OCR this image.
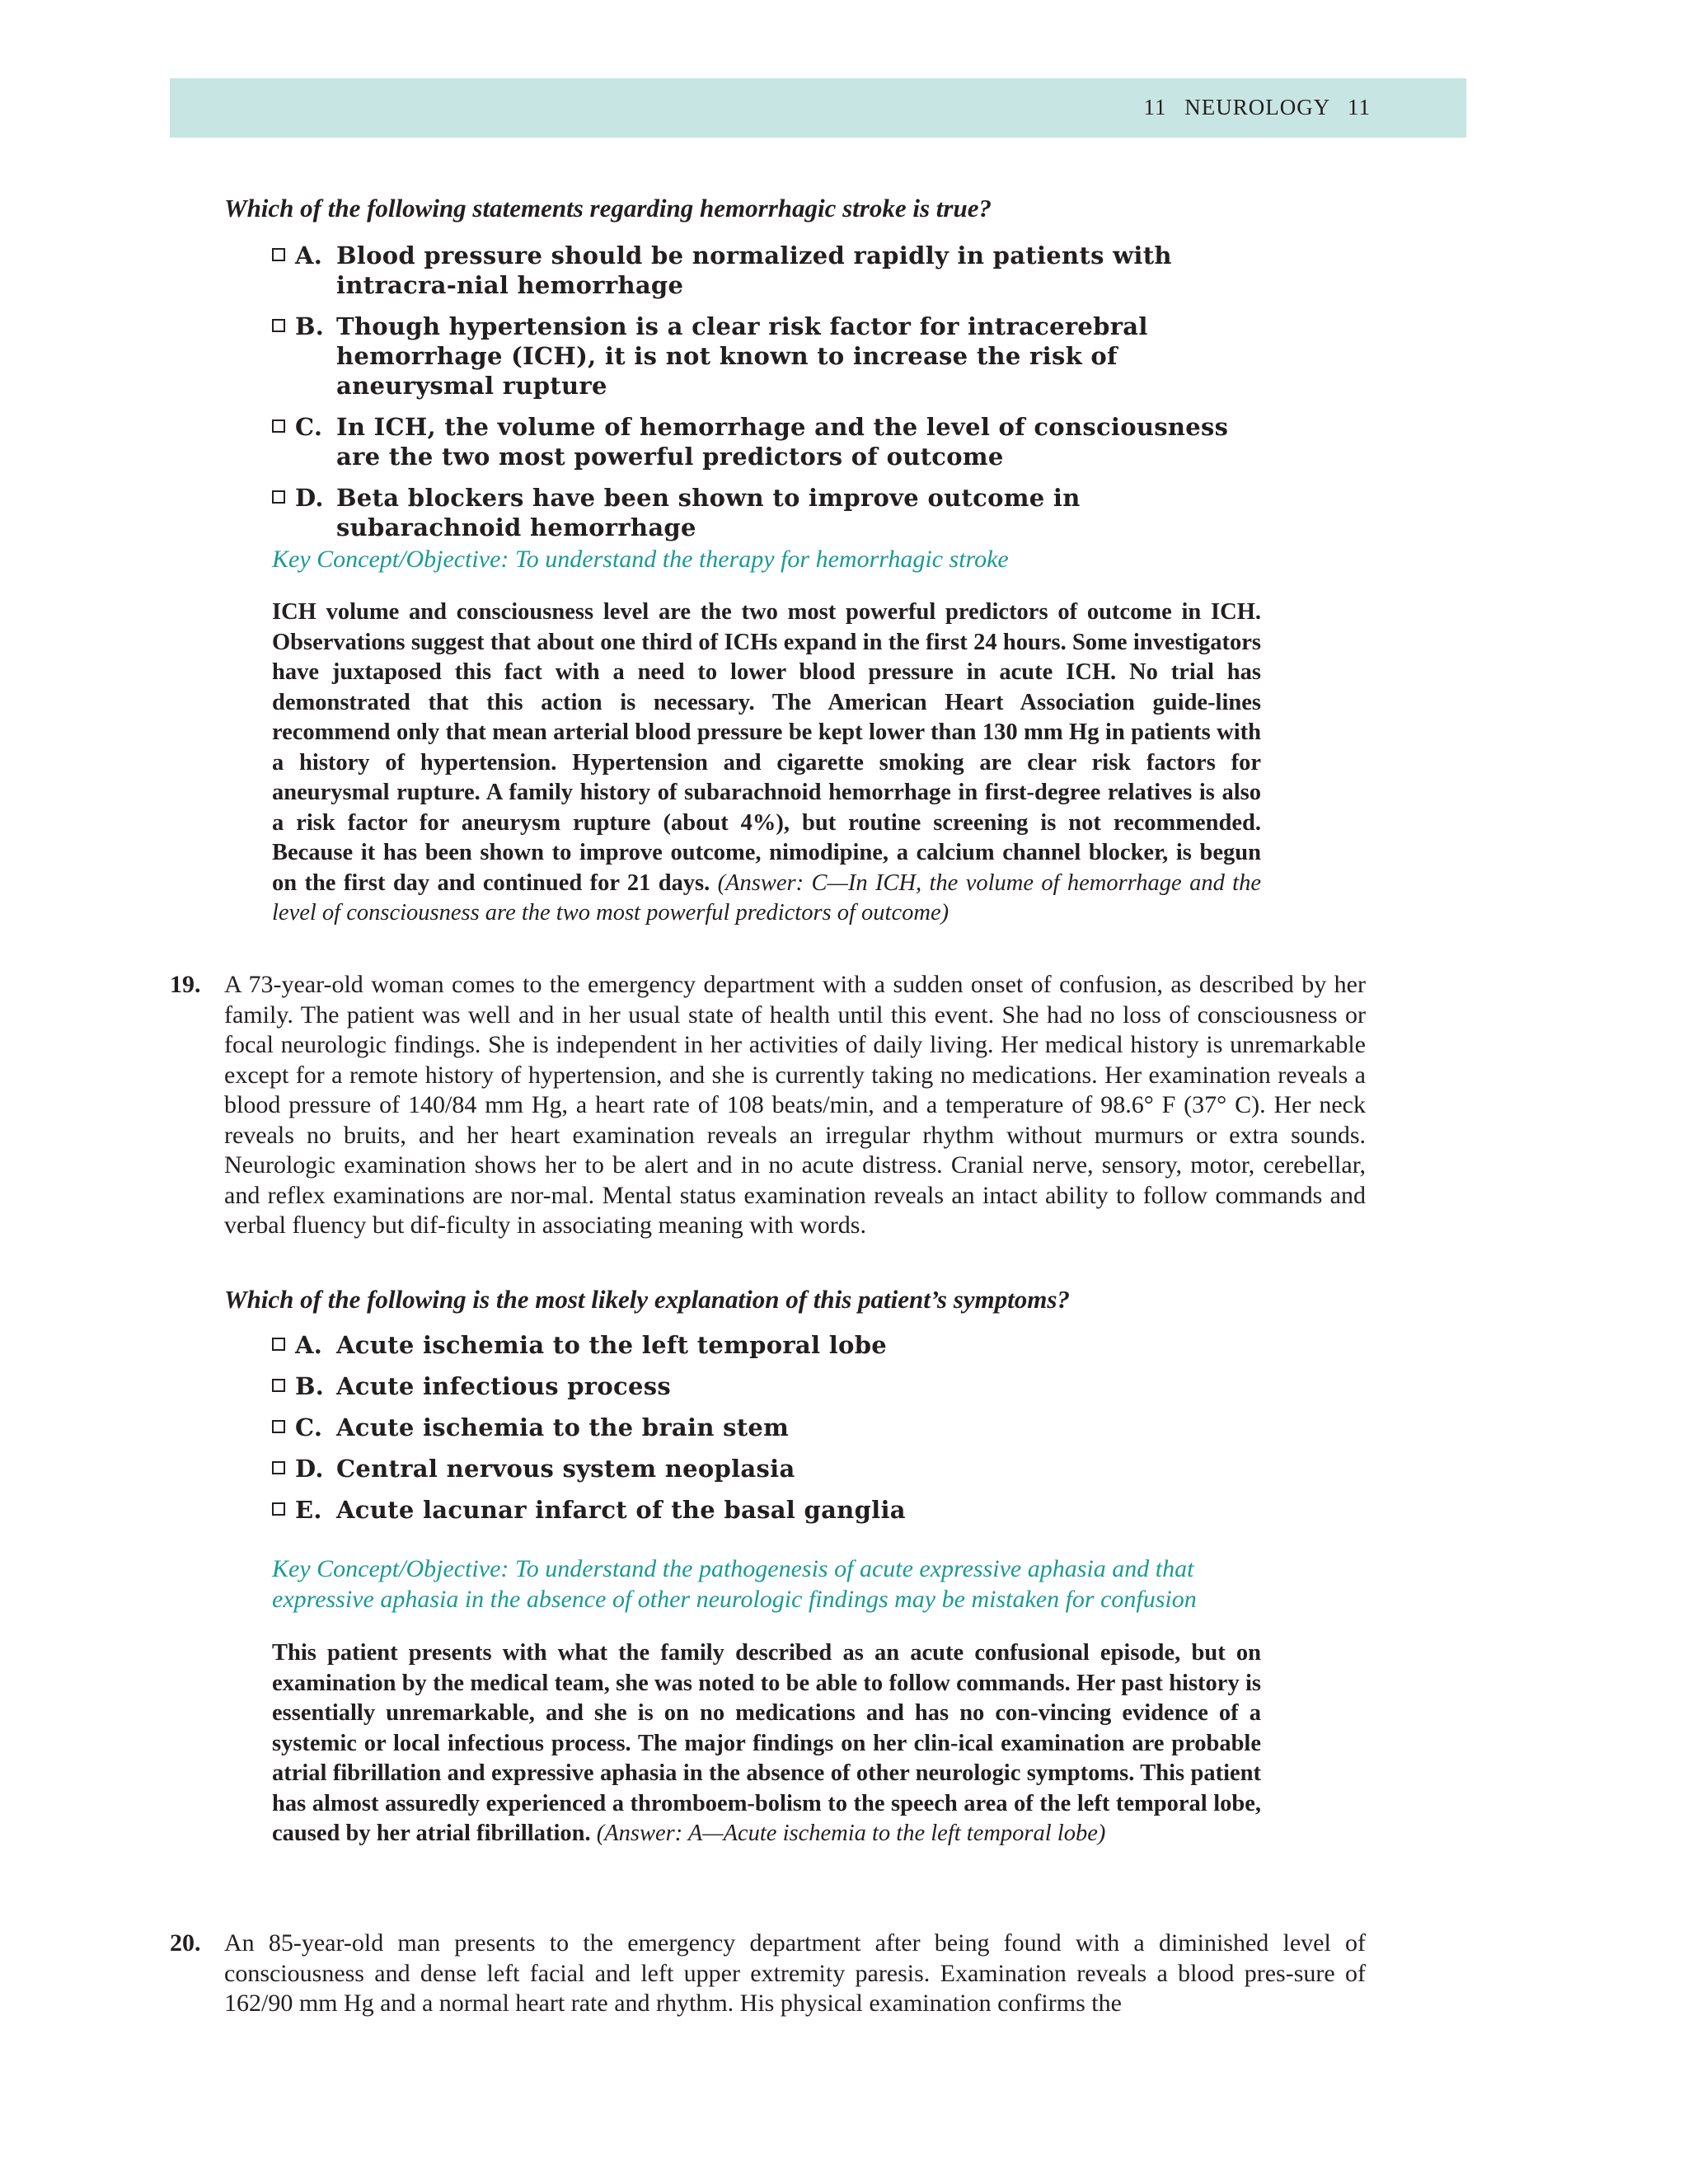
11 NEUROLOGY 11
Which of the following statements regarding hemorrhagic stroke is true?
A. Blood pressure should be normalized rapidly in patients with intracra-nial hemorrhage
B. Though hypertension is a clear risk factor for intracerebral hemorrhage (ICH), it is not known to increase the risk of aneurysmal rupture
C. In ICH, the volume of hemorrhage and the level of consciousness are the two most powerful predictors of outcome
D. Beta blockers have been shown to improve outcome in subarachnoid hemorrhage
Key Concept/Objective: To understand the therapy for hemorrhagic stroke
ICH volume and consciousness level are the two most powerful predictors of outcome in ICH. Observations suggest that about one third of ICHs expand in the first 24 hours. Some investigators have juxtaposed this fact with a need to lower blood pressure in acute ICH. No trial has demonstrated that this action is necessary. The American Heart Association guide-lines recommend only that mean arterial blood pressure be kept lower than 130 mm Hg in patients with a history of hypertension. Hypertension and cigarette smoking are clear risk factors for aneurysmal rupture. A family history of subarachnoid hemorrhage in first-degree relatives is also a risk factor for aneurysm rupture (about 4%), but routine screening is not recommended. Because it has been shown to improve outcome, nimodipine, a calcium channel blocker, is begun on the first day and continued for 21 days. (Answer: C—In ICH, the volume of hemorrhage and the level of consciousness are the two most powerful predictors of outcome)
19. A 73-year-old woman comes to the emergency department with a sudden onset of confusion, as described by her family. The patient was well and in her usual state of health until this event. She had no loss of consciousness or focal neurologic findings. She is independent in her activities of daily living. Her medical history is unremarkable except for a remote history of hypertension, and she is currently taking no medications. Her examination reveals a blood pressure of 140/84 mm Hg, a heart rate of 108 beats/min, and a temperature of 98.6° F (37° C). Her neck reveals no bruits, and her heart examination reveals an irregular rhythm without murmurs or extra sounds. Neurologic examination shows her to be alert and in no acute distress. Cranial nerve, sensory, motor, cerebellar, and reflex examinations are nor-mal. Mental status examination reveals an intact ability to follow commands and verbal fluency but dif-ficulty in associating meaning with words.
Which of the following is the most likely explanation of this patient’s symptoms?
A. Acute ischemia to the left temporal lobe
B. Acute infectious process
C. Acute ischemia to the brain stem
D. Central nervous system neoplasia
E. Acute lacunar infarct of the basal ganglia
Key Concept/Objective: To understand the pathogenesis of acute expressive aphasia and that expressive aphasia in the absence of other neurologic findings may be mistaken for confusion
This patient presents with what the family described as an acute confusional episode, but on examination by the medical team, she was noted to be able to follow commands. Her past history is essentially unremarkable, and she is on no medications and has no con-vincing evidence of a systemic or local infectious process. The major findings on her clin-ical examination are probable atrial fibrillation and expressive aphasia in the absence of other neurologic symptoms. This patient has almost assuredly experienced a thromboem-bolism to the speech area of the left temporal lobe, caused by her atrial fibrillation. (Answer: A—Acute ischemia to the left temporal lobe)
20. An 85-year-old man presents to the emergency department after being found with a diminished level of consciousness and dense left facial and left upper extremity paresis. Examination reveals a blood pres-sure of 162/90 mm Hg and a normal heart rate and rhythm. His physical examination confirms the
